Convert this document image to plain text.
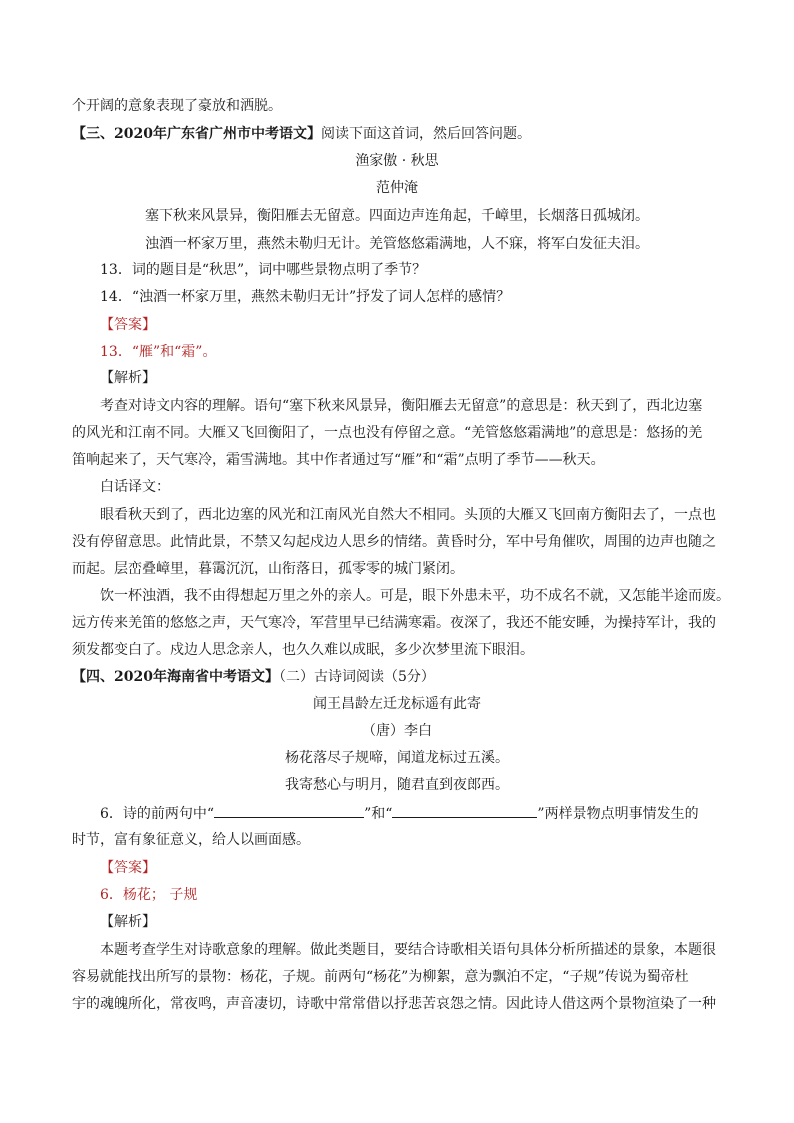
个开阔的意象表现了豪放和洒脱。
【三、2020年广东省广州市中考语文】阅读下面这首词，然后回答问题。
渔家傲 · 秋思
范仲淹
塞下秋来风景异，衡阳雁去无留意。四面边声连角起，千嶂里，长烟落日孤城闭。
浊酒一杯家万里，燕然未勒归无计。羌管悠悠霜满地，人不寐，将军白发征夫泪。
13．词的题目是“秋思”，词中哪些景物点明了季节？
14．“浊酒一杯家万里，燕然未勒归无计”抒发了词人怎样的感情？
【答案】
13．“雁”和“霜”。
【解析】
考查对诗文内容的理解。语句“塞下秋来风景异，衡阳雁去无留意”的意思是：秋天到了，西北边塞
的风光和江南不同。大雁又飞回衡阳了，一点也没有停留之意。“羌管悠悠霜满地”的意思是：悠扬的羌
笛响起来了，天气寒冷，霜雪满地。其中作者通过写“雁”和“霜”点明了季节——秋天。
白话译文：
眼看秋天到了，西北边塞的风光和江南风光自然大不相同。头顶的大雁又飞回南方衡阳去了，一点也
没有停留意思。此情此景，不禁又勾起戍边人思乡的情绪。黄昏时分，军中号角催吹，周围的边声也随之
而起。层峦叠嶂里，暮霭沉沉，山衔落日，孤零零的城门紧闭。
饮一杯浊酒，我不由得想起万里之外的亲人。可是，眼下外患未平，功不成名不就，又怎能半途而废。
远方传来羌笛的悠悠之声，天气寒冷，军营里早已结满寒霜。夜深了，我还不能安睡，为操持军计，我的
须发都变白了。戍边人思念亲人，也久久难以成眠，多少次梦里流下眼泪。
【四、2020年海南省中考语文】（二）古诗词阅读（5分）
闻王昌龄左迁龙标遥有此寄
（唐）李白
杨花落尽子规啼，闻道龙标过五溪。
我寄愁心与明月，随君直到夜郎西。
6．诗的前两句中“	”和“	”两样景物点明事情发生的
时节，富有象征意义，给人以画面感。
【答案】
6．杨花； 子规
【解析】
本题考查学生对诗歌意象的理解。做此类题目，要结合诗歌相关语句具体分析所描述的景象，本题很
容易就能找出所写的景物：杨花，子规。前两句“杨花”为柳絮，意为飘泊不定，“子规”传说为蜀帝杜
宇的魂魄所化，常夜鸣，声音凄切，诗歌中常常借以抒悲苦哀怨之情。因此诗人借这两个景物渲染了一种
